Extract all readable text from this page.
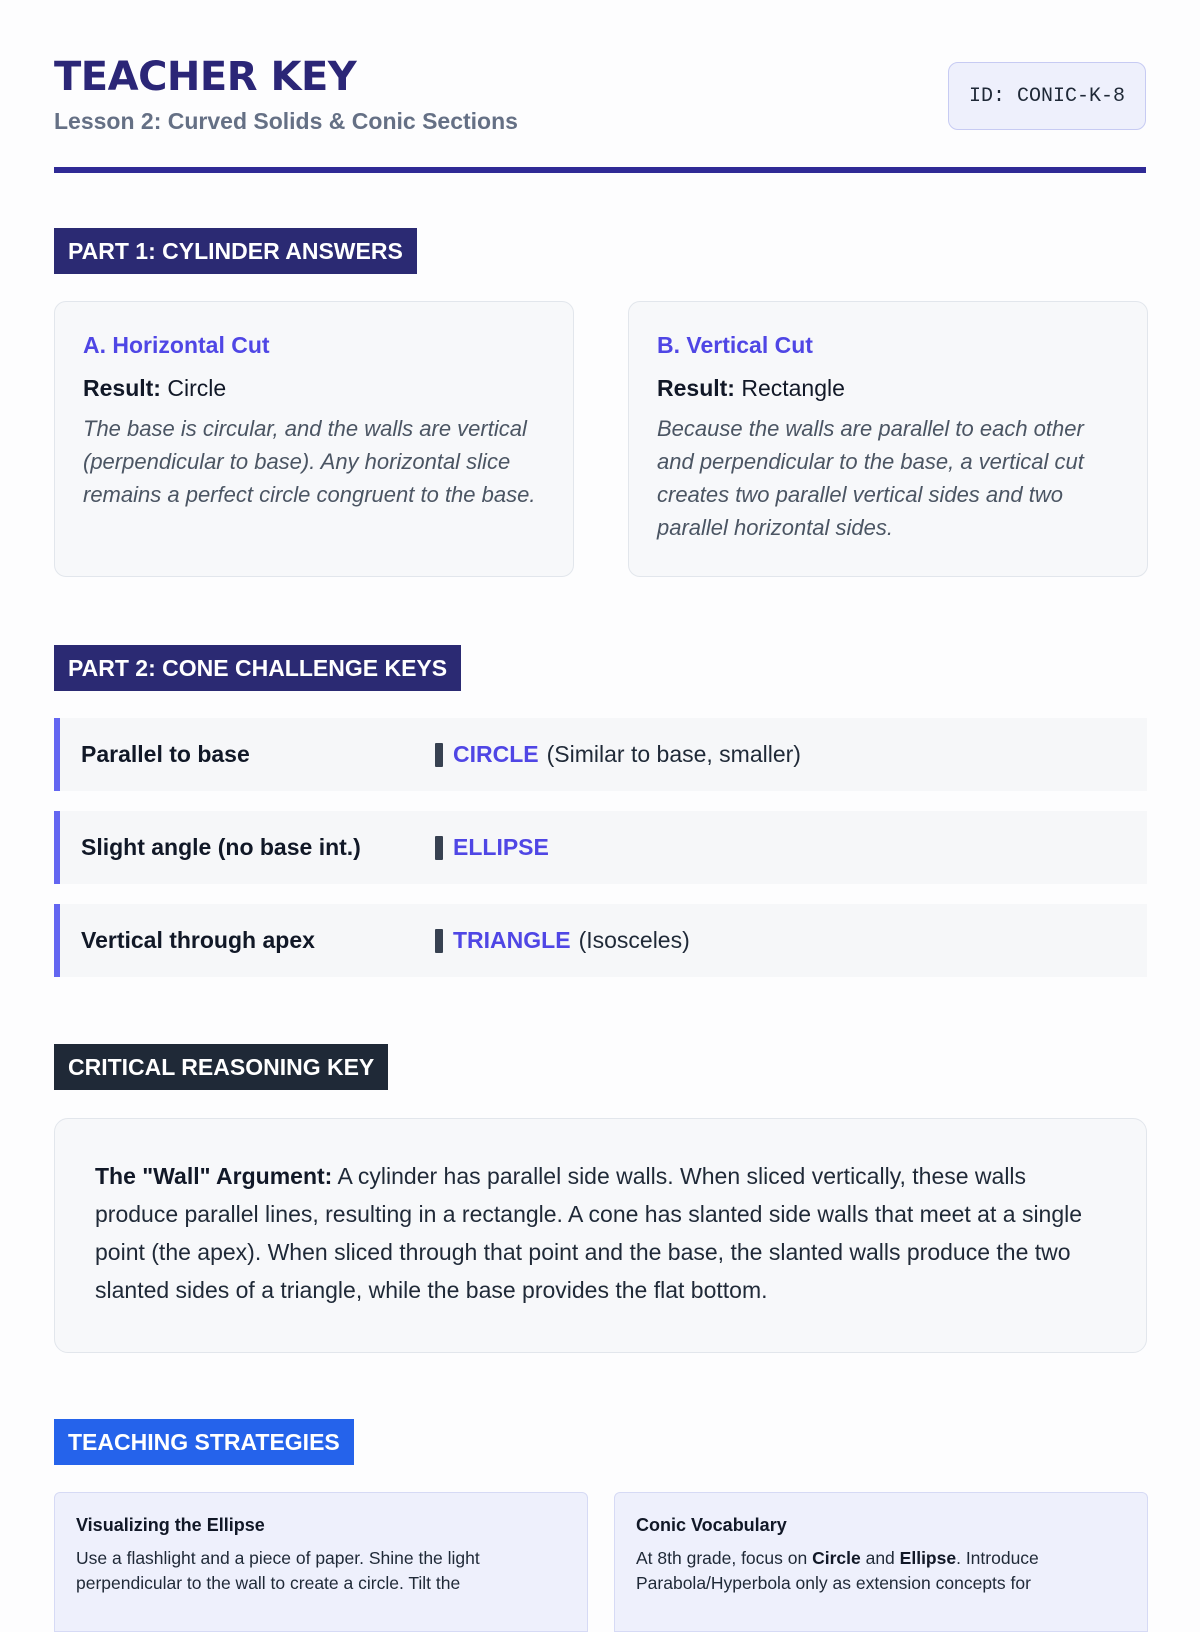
TEACHER KEY
Lesson 2: Curved Solids & Conic Sections
ID: CONIC-K-8
PART 1: CYLINDER ANSWERS
A. Horizontal Cut
Result: Circle
The base is circular, and the walls are vertical (perpendicular to base). Any horizontal slice remains a perfect circle congruent to the base.
B. Vertical Cut
Result: Rectangle
Because the walls are parallel to each other and perpendicular to the base, a vertical cut creates two parallel vertical sides and two parallel horizontal sides.
PART 2: CONE CHALLENGE KEYS
Parallel to base	CIRCLE (Similar to base, smaller)
Slight angle (no base int.)	ELLIPSE
Vertical through apex	TRIANGLE (Isosceles)
CRITICAL REASONING KEY
The "Wall" Argument: A cylinder has parallel side walls. When sliced vertically, these walls produce parallel lines, resulting in a rectangle. A cone has slanted side walls that meet at a single point (the apex). When sliced through that point and the base, the slanted walls produce the two slanted sides of a triangle, while the base provides the flat bottom.
TEACHING STRATEGIES
Visualizing the Ellipse
Use a flashlight and a piece of paper. Shine the light perpendicular to the wall to create a circle. Tilt the
Conic Vocabulary
At 8th grade, focus on Circle and Ellipse. Introduce Parabola/Hyperbola only as extension concepts for
